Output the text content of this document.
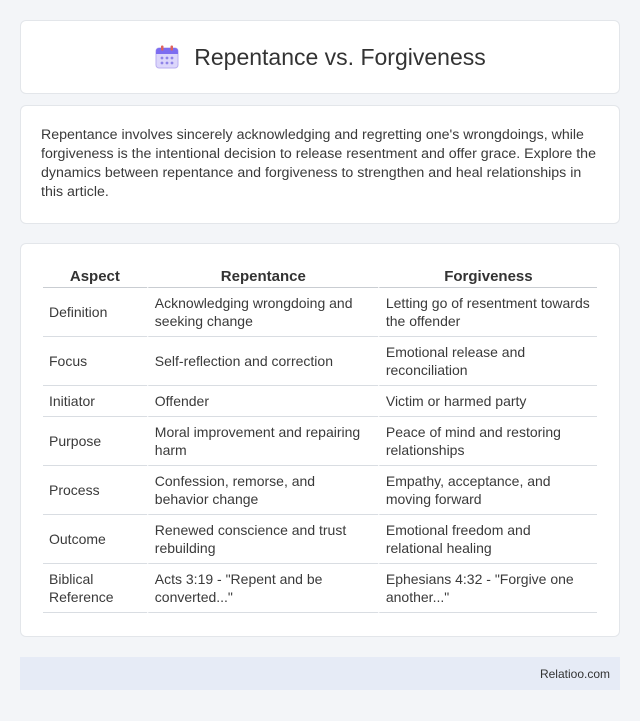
Repentance vs. Forgiveness

Repentance involves sincerely acknowledging and regretting one's wrongdoings, while forgiveness is the intentional decision to release resentment and offer grace. Explore the dynamics between repentance and forgiveness to strengthen and heal relationships in this article.

Aspect	Repentance	Forgiveness
Definition	Acknowledging wrongdoing and seeking change	Letting go of resentment towards the offender
Focus	Self-reflection and correction	Emotional release and reconciliation
Initiator	Offender	Victim or harmed party
Purpose	Moral improvement and repairing harm	Peace of mind and restoring relationships
Process	Confession, remorse, and behavior change	Empathy, acceptance, and moving forward
Outcome	Renewed conscience and trust rebuilding	Emotional freedom and relational healing
Biblical Reference	Acts 3:19 - "Repent and be converted..."	Ephesians 4:32 - "Forgive one another..."
Relatioo.com
